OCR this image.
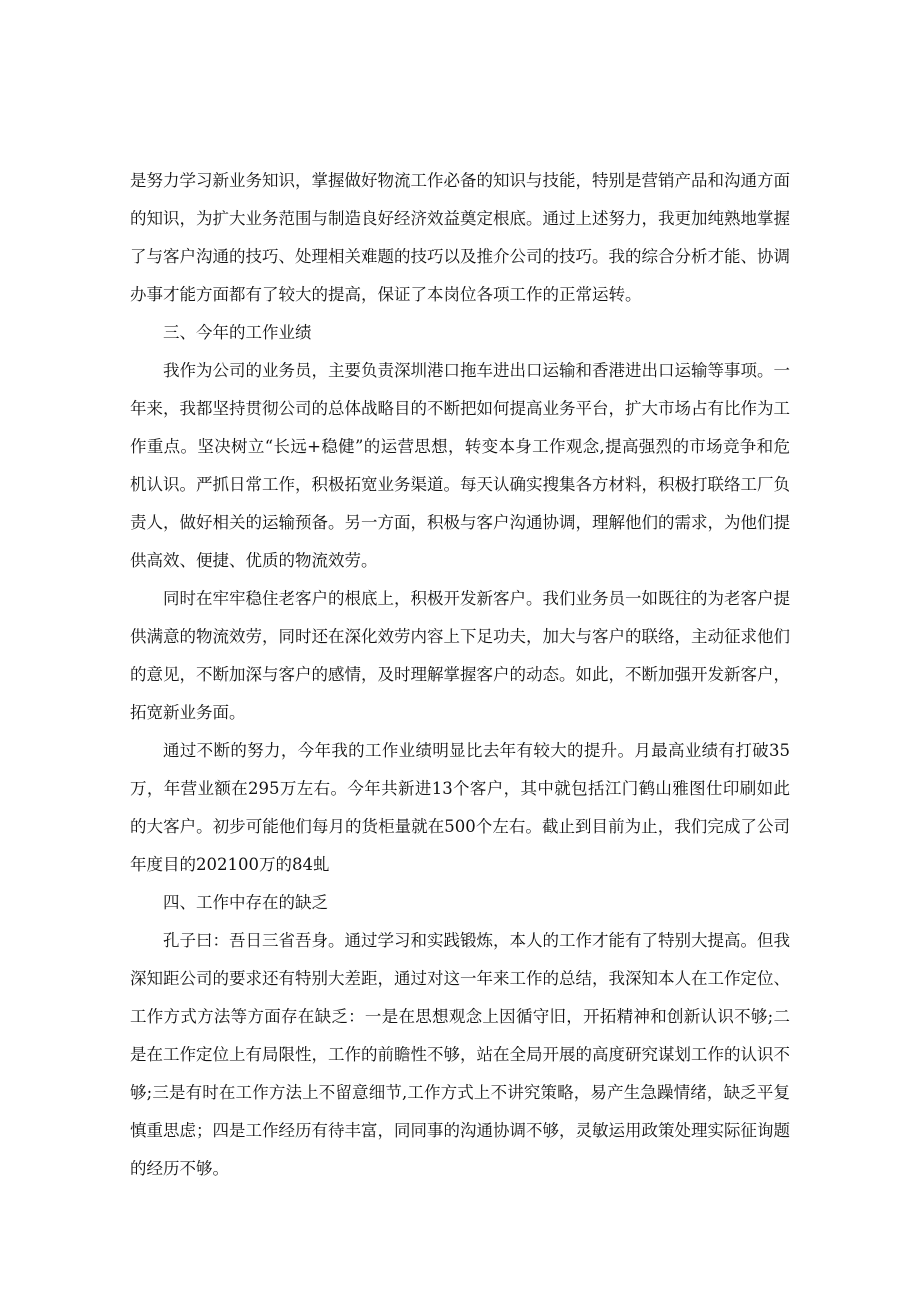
是努力学习新业务知识，掌握做好物流工作必备的知识与技能，特别是营销产品和沟通方面的知识，为扩大业务范围与制造良好经济效益奠定根底。通过上述努力，我更加纯熟地掌握了与客户沟通的技巧、处理相关难题的技巧以及推介公司的技巧。我的综合分析才能、协调办事才能方面都有了较大的提高，保证了本岗位各项工作的正常运转。

三、今年的工作业绩

我作为公司的业务员，主要负责深圳港口拖车进出口运输和香港进出口运输等事项。一年来，我都坚持贯彻公司的总体战略目的不断把如何提高业务平台，扩大市场占有比作为工作重点。坚决树立“长远+稳健”的运营思想，转变本身工作观念,提高强烈的市场竞争和危机认识。严抓日常工作，积极拓宽业务渠道。每天认确实搜集各方材料，积极打联络工厂负责人，做好相关的运输预备。另一方面，积极与客户沟通协调，理解他们的需求，为他们提供高效、便捷、优质的物流效劳。

同时在牢牢稳住老客户的根底上，积极开发新客户。我们业务员一如既往的为老客户提供满意的物流效劳，同时还在深化效劳内容上下足功夫，加大与客户的联络，主动征求他们的意见，不断加深与客户的感情，及时理解掌握客户的动态。如此，不断加强开发新客户，拓宽新业务面。

通过不断的努力，今年我的工作业绩明显比去年有较大的提升。月最高业绩有打破35万，年营业额在295万左右。今年共新进13个客户，其中就包括江门鹤山雅图仕印刷如此的大客户。初步可能他们每月的货柜量就在500个左右。截止到目前为止，我们完成了公司年度目的202100万的84虬

四、工作中存在的缺乏

孔子曰：吾日三省吾身。通过学习和实践锻炼，本人的工作才能有了特别大提高。但我深知距公司的要求还有特别大差距，通过对这一年来工作的总结，我深知本人在工作定位、工作方式方法等方面存在缺乏：一是在思想观念上因循守旧，开拓精神和创新认识不够;二是在工作定位上有局限性，工作的前瞻性不够，站在全局开展的高度研究谋划工作的认识不够;三是有时在工作方法上不留意细节,工作方式上不讲究策略，易产生急躁情绪，缺乏平复慎重思虑；四是工作经历有待丰富，同同事的沟通协调不够，灵敏运用政策处理实际征询题的经历不够。
